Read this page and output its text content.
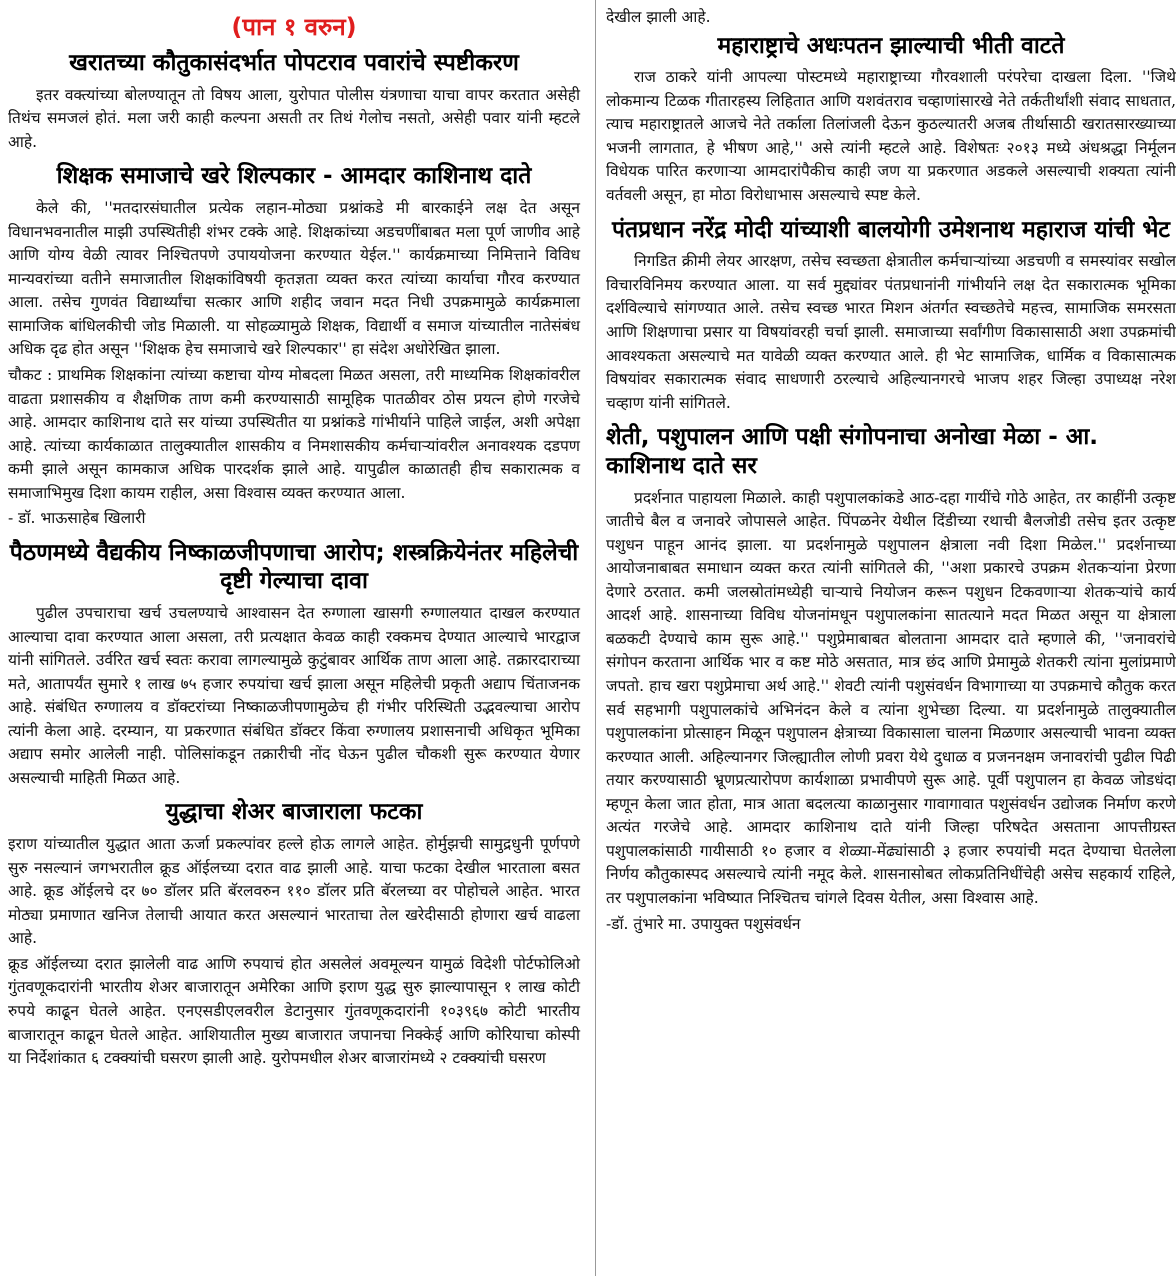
(पान १ वरुन)
खरातच्या कौतुकासंदर्भात पोपटराव पवारांचे स्पष्टीकरण

इतर वक्त्यांच्या बोलण्यातून तो विषय आला, युरोपात पोलीस यंत्रणाचा याचा वापर करतात असेही तिथंच समजलं होतं. मला जरी काही कल्पना असती तर तिथं गेलोच नसतो, असेही पवार यांनी म्हटले आहे.

शिक्षक समाजाचे खरे शिल्पकार - आमदार काशिनाथ दाते

केले की, ''मतदारसंघातील प्रत्येक लहान-मोठ्या प्रश्नांकडे मी बारकाईने लक्ष देत असून विधानभवनातील माझी उपस्थितीही शंभर टक्के आहे. शिक्षकांच्या अडचणींबाबत मला पूर्ण जाणीव आहे आणि योग्य वेळी त्यावर निश्चितपणे उपाययोजना करण्यात येईल.'' कार्यक्रमाच्या निमित्ताने विविध मान्यवरांच्या वतीने समाजातील शिक्षकांविषयी कृतज्ञता व्यक्त करत त्यांच्या कार्याचा गौरव करण्यात आला. तसेच गुणवंत विद्यार्थ्यांचा सत्कार आणि शहीद जवान मदत निधी उपक्रमामुळे कार्यक्रमाला सामाजिक बांधिलकीची जोड मिळाली. या सोहळ्यामुळे शिक्षक, विद्यार्थी व समाज यांच्यातील नातेसंबंध अधिक दृढ होत असून ''शिक्षक हेच समाजाचे खरे शिल्पकार'' हा संदेश अधोरेखित झाला.

चौकट : प्राथमिक शिक्षकांना त्यांच्या कष्टाचा योग्य मोबदला मिळत असला, तरी माध्यमिक शिक्षकांवरील वाढता प्रशासकीय व शैक्षणिक ताण कमी करण्यासाठी सामूहिक पातळीवर ठोस प्रयत्न होणे गरजेचे आहे. आमदार काशिनाथ दाते सर यांच्या उपस्थितीत या प्रश्नांकडे गांभीर्याने पाहिले जाईल, अशी अपेक्षा आहे. त्यांच्या कार्यकाळात तालुक्यातील शासकीय व निमशासकीय कर्मचाऱ्यांवरील अनावश्यक दडपण कमी झाले असून कामकाज अधिक पारदर्शक झाले आहे. यापुढील काळातही हीच सकारात्मक व समाजाभिमुख दिशा कायम राहील, असा विश्वास व्यक्त करण्यात आला.

- डॉ. भाऊसाहेब खिलारी
पैठणमध्ये वैद्यकीय निष्काळजीपणाचा आरोप; शस्त्रक्रियेनंतर महिलेची दृष्टी गेल्याचा दावा

पुढील उपचाराचा खर्च उचलण्याचे आश्वासन देत रुग्णाला खासगी रुग्णालयात दाखल करण्यात आल्याचा दावा करण्यात आला असला, तरी प्रत्यक्षात केवळ काही रक्कमच देण्यात आल्याचे भारद्वाज यांनी सांगितले. उर्वरित खर्च स्वतः करावा लागल्यामुळे कुटुंबावर आर्थिक ताण आला आहे. तक्रारदाराच्या मते, आतापर्यंत सुमारे १ लाख ७५ हजार रुपयांचा खर्च झाला असून महिलेची प्रकृती अद्याप चिंताजनक आहे. संबंधित रुग्णालय व डॉक्टरांच्या निष्काळजीपणामुळेच ही गंभीर परिस्थिती उद्भवल्याचा आरोप त्यांनी केला आहे. दरम्यान, या प्रकरणात संबंधित डॉक्टर किंवा रुग्णालय प्रशासनाची अधिकृत भूमिका अद्याप समोर आलेली नाही. पोलिसांकडून तक्रारीची नोंद घेऊन पुढील चौकशी सुरू करण्यात येणार असल्याची माहिती मिळत आहे.

युद्धाचा शेअर बाजाराला फटका

इराण यांच्यातील युद्धात आता ऊर्जा प्रकल्पांवर हल्ले होऊ लागले आहेत. होर्मुझची सामुद्रधुनी पूर्णपणे सुरु नसल्यानं जगभरातील क्रूड ऑईलच्या दरात वाढ झाली आहे. याचा फटका देखील भारताला बसत आहे. क्रूड ऑईलचे दर ७० डॉलर प्रति बॅरलवरुन ११० डॉलर प्रति बॅरलच्या वर पोहोचले आहेत. भारत मोठ्या प्रमाणात खनिज तेलाची आयात करत असल्यानं भारताचा तेल खरेदीसाठी होणारा खर्च वाढला आहे.

क्रूड ऑईलच्या दरात झालेली वाढ आणि रुपयाचं होत असलेलं अवमूल्यन यामुळं विदेशी पोर्टफोलिओ गुंतवणूकदारांनी भारतीय शेअर बाजारातून अमेरिका आणि इराण युद्ध सुरु झाल्यापासून १ लाख कोटी रुपये काढून घेतले आहेत. एनएसडीएलवरील डेटानुसार गुंतवणूकदारांनी १०३९६७ कोटी भारतीय बाजारातून काढून घेतले आहेत. आशियातील मुख्य बाजारात जपानचा निक्केई आणि कोरियाचा कोस्पी या निर्देशांकात ६ टक्क्यांची घसरण झाली आहे. युरोपमधील शेअर बाजारांमध्ये २ टक्क्यांची घसरण

देखील झाली आहे.

महाराष्ट्राचे अधःपतन झाल्याची भीती वाटते

राज ठाकरे यांनी आपल्या पोस्टमध्ये महाराष्ट्राच्या गौरवशाली परंपरेचा दाखला दिला. ''जिथे लोकमान्य टिळक गीतारहस्य लिहितात आणि यशवंतराव चव्हाणांसारखे नेते तर्कतीर्थांशी संवाद साधतात, त्याच महाराष्ट्रातले आजचे नेते तर्काला तिलांजली देऊन कुठल्यातरी अजब तीर्थासाठी खरातसारख्याच्या भजनी लागतात, हे भीषण आहे,'' असे त्यांनी म्हटले आहे. विशेषतः २०१३ मध्ये अंधश्रद्धा निर्मूलन विधेयक पारित करणाऱ्या आमदारांपैकीच काही जण या प्रकरणात अडकले असल्याची शक्यता त्यांनी वर्तवली असून, हा मोठा विरोधाभास असल्याचे स्पष्ट केले.

पंतप्रधान नरेंद्र मोदी यांच्याशी बालयोगी उमेशनाथ महाराज यांची भेट

निगडित क्रीमी लेयर आरक्षण, तसेच स्वच्छता क्षेत्रातील कर्मचाऱ्यांच्या अडचणी व समस्यांवर सखोल विचारविनिमय करण्यात आला. या सर्व मुद्द्यांवर पंतप्रधानांनी गांभीर्याने लक्ष देत सकारात्मक भूमिका दर्शविल्याचे सांगण्यात आले. तसेच स्वच्छ भारत मिशन अंतर्गत स्वच्छतेचे महत्त्व, सामाजिक समरसता आणि शिक्षणाचा प्रसार या विषयांवरही चर्चा झाली. समाजाच्या सर्वांगीण विकासासाठी अशा उपक्रमांची आवश्यकता असल्याचे मत यावेळी व्यक्त करण्यात आले. ही भेट सामाजिक, धार्मिक व विकासात्मक विषयांवर सकारात्मक संवाद साधणारी ठरल्याचे अहिल्यानगरचे भाजप शहर जिल्हा उपाध्यक्ष नरेश चव्हाण यांनी सांगितले.

शेती, पशुपालन आणि पक्षी संगोपनाचा अनोखा मेळा - आ. काशिनाथ दाते सर

प्रदर्शनात पाहायला मिळाले. काही पशुपालकांकडे आठ-दहा गायींचे गोठे आहेत, तर काहींनी उत्कृष्ट जातीचे बैल व जनावरे जोपासले आहेत. पिंपळनेर येथील दिंडीच्या रथाची बैलजोडी तसेच इतर उत्कृष्ट पशुधन पाहून आनंद झाला. या प्रदर्शनामुळे पशुपालन क्षेत्राला नवी दिशा मिळेल.'' प्रदर्शनाच्या आयोजनाबाबत समाधान व्यक्त करत त्यांनी सांगितले की, ''अशा प्रकारचे उपक्रम शेतकऱ्यांना प्रेरणा देणारे ठरतात. कमी जलस्रोतांमध्येही चाऱ्याचे नियोजन करून पशुधन टिकवणाऱ्या शेतकऱ्यांचे कार्य आदर्श आहे. शासनाच्या विविध योजनांमधून पशुपालकांना सातत्याने मदत मिळत असून या क्षेत्राला बळकटी देण्याचे काम सुरू आहे.'' पशुप्रेमाबाबत बोलताना आमदार दाते म्हणाले की, ''जनावरांचे संगोपन करताना आर्थिक भार व कष्ट मोठे असतात, मात्र छंद आणि प्रेमामुळे शेतकरी त्यांना मुलांप्रमाणे जपतो. हाच खरा पशुप्रेमाचा अर्थ आहे.'' शेवटी त्यांनी पशुसंवर्धन विभागाच्या या उपक्रमाचे कौतुक करत सर्व सहभागी पशुपालकांचे अभिनंदन केले व त्यांना शुभेच्छा दिल्या. या प्रदर्शनामुळे तालुक्यातील पशुपालकांना प्रोत्साहन मिळून पशुपालन क्षेत्राच्या विकासाला चालना मिळणार असल्याची भावना व्यक्त करण्यात आली. अहिल्यानगर जिल्ह्यातील लोणी प्रवरा येथे दुधाळ व प्रजननक्षम जनावरांची पुढील पिढी तयार करण्यासाठी भ्रूणप्रत्यारोपण कार्यशाळा प्रभावीपणे सुरू आहे. पूर्वी पशुपालन हा केवळ जोडधंदा म्हणून केला जात होता, मात्र आता बदलत्या काळानुसार गावागावात पशुसंवर्धन उद्योजक निर्माण करणे अत्यंत गरजेचे आहे. आमदार काशिनाथ दाते यांनी जिल्हा परिषदेत असताना आपत्तीग्रस्त पशुपालकांसाठी गायीसाठी १० हजार व शेळ्या-मेंढ्यांसाठी ३ हजार रुपयांची मदत देण्याचा घेतलेला निर्णय कौतुकास्पद असल्याचे त्यांनी नमूद केले. शासनासोबत लोकप्रतिनिधींचेही असेच सहकार्य राहिले, तर पशुपालकांना भविष्यात निश्चितच चांगले दिवस येतील, असा विश्वास आहे.

-डॉ. तुंभारे मा. उपायुक्त पशुसंवर्धन
